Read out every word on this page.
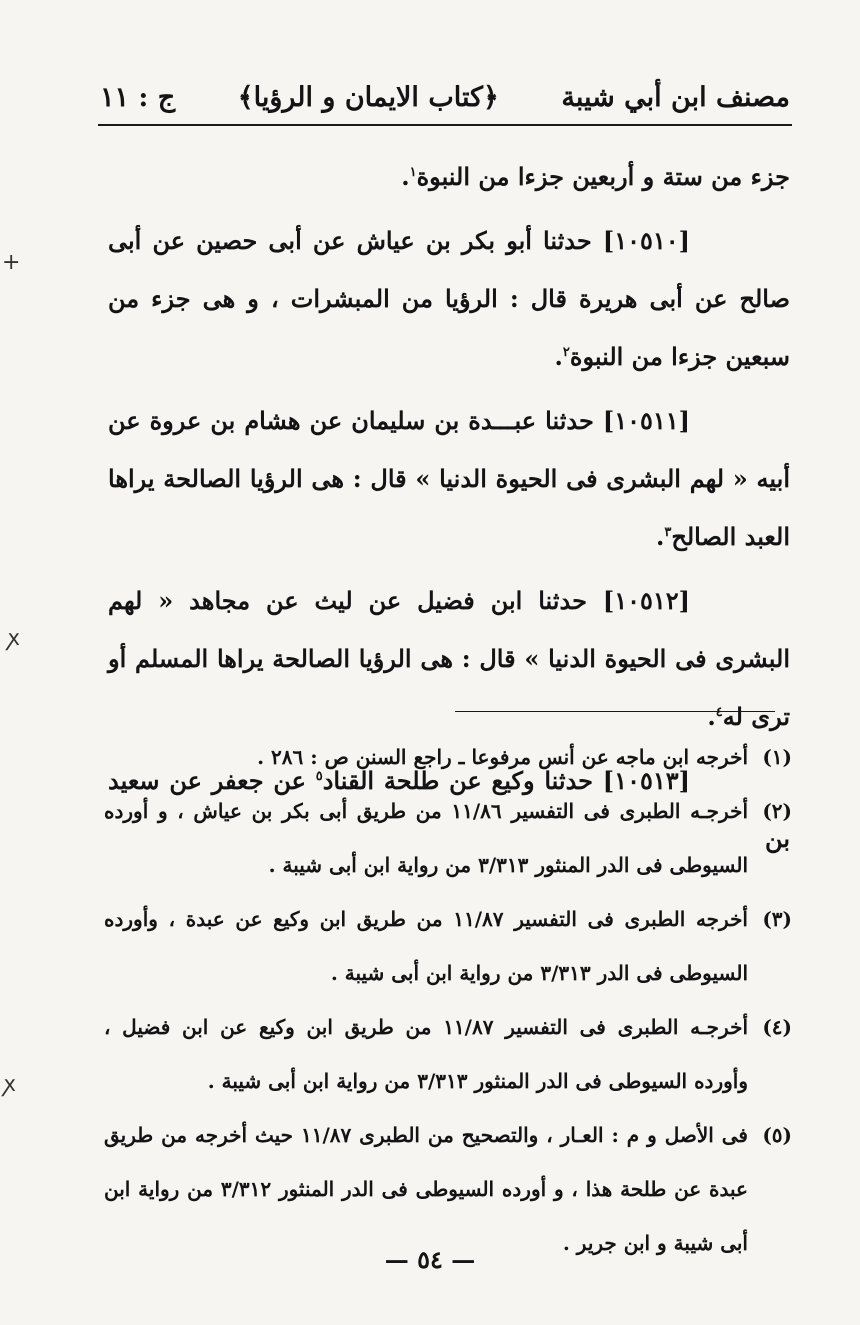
مصنف ابن أبي شيبة
﴿كتاب الايمان و الرؤيا﴾
ج : ١١

جزء من ستة و أربعين جزءا من النبوة$^١$.

[١٠٥١٠] حدثنا أبو بكر بن عياش عن أبى حصين عن أبى صالح عن أبى هريرة قال : الرؤيا من المبشرات ، و هى جزء من سبعين جزءا من النبوة$^٢$.

[١٠٥١١] حدثنا عبـــدة بن سليمان عن هشام بن عروة عن أبيه « لهم البشرى فى الحيوة الدنيا » قال : هى الرؤيا الصالحة يراها العبد الصالح$^٣$.

[١٠٥١٢] حدثنا ابن فضيل عن ليث عن مجاهد « لهم البشرى فى الحيوة الدنيا » قال : هى الرؤيا الصالحة يراها المسلم أو ترى له$^٤$.

[١٠٥١٣] حدثنا وكيع عن طلحة القناد$^٥$ عن جعفر عن سعيد بن

(١)
أخرجه ابن ماجه عن أنس مرفوعا ـ راجع السنن ص : ٢٨٦ .
(٢)
أخرجـه الطبرى فى التفسير ١١/٨٦ من طريق أبى بكر بن عياش ، و أورده السيوطى فى الدر المنثور ٣/٣١٣ من رواية ابن أبى شيبة .
(٣)
أخرجه الطبرى فى التفسير ١١/٨٧ من طريق ابن وكيع عن عبدة ، وأورده السيوطى فى الدر ٣/٣١٣ من رواية ابن أبى شيبة .
(٤)
أخرجـه الطبرى فى التفسير ١١/٨٧ من طريق ابن وكيع عن ابن فضيل ، وأورده السيوطى فى الدر المنثور ٣/٣١٣ من رواية ابن أبى شيبة .
(٥)
فى الأصل و م : العـار ، والتصحيح من الطبرى ١١/٨٧ حيث أخرجه من طريق عبدة عن طلحة هذا ، و أورده السيوطى فى الدر المنثور ٣/٣١٢ من رواية ابن أبى شيبة و ابن جرير .
— ٥٤ —
+
ꭗ
ꭗ
